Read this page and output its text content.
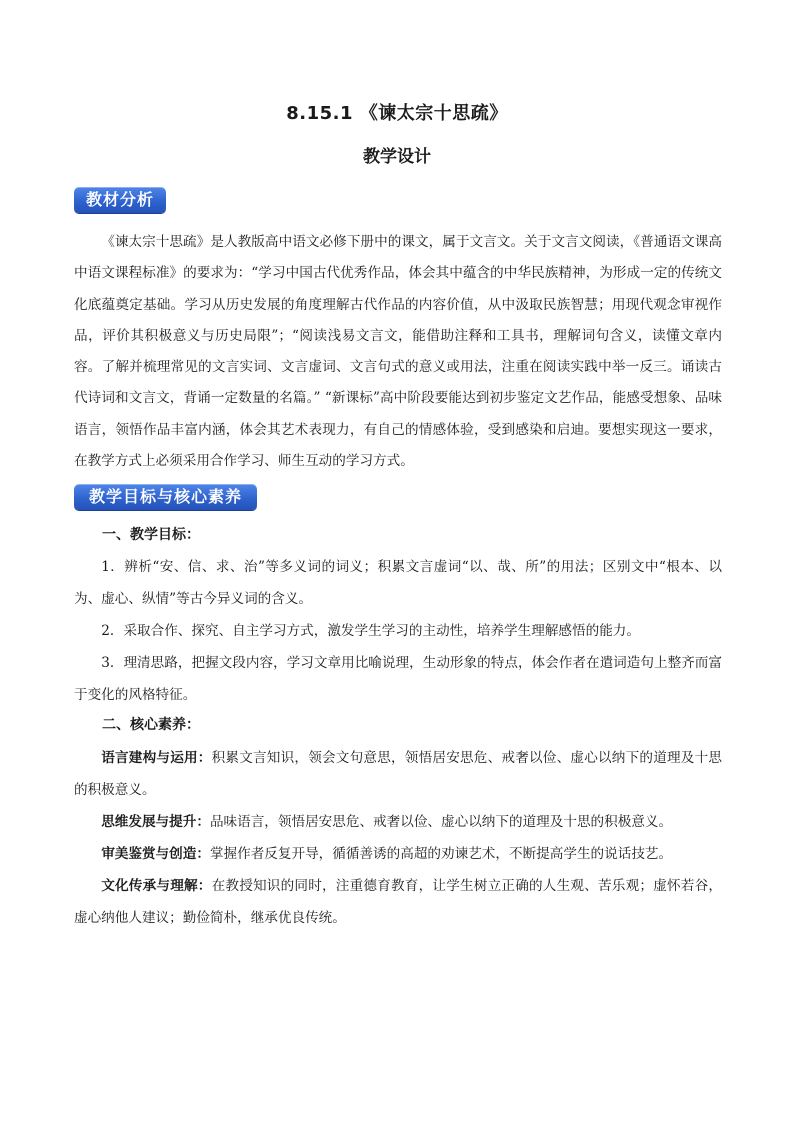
8.15.1 《谏太宗十思疏》
教学设计
教材分析

《谏太宗十思疏》是人教版高中语文必修下册中的课文，属于文言文。关于文言文阅读，《普通语文课高中语文课程标准》的要求为：“学习中国古代优秀作品，体会其中蕴含的中华民族精神，为形成一定的传统文化底蕴奠定基础。学习从历史发展的角度理解古代作品的内容价值，从中汲取民族智慧；用现代观念审视作品，评价其积极意义与历史局限”；“阅读浅易文言文，能借助注释和工具书，理解词句含义，读懂文章内容。了解并梳理常见的文言实词、文言虚词、文言句式的意义或用法，注重在阅读实践中举一反三。诵读古代诗词和文言文，背诵一定数量的名篇。” “新课标”高中阶段要能达到初步鉴定文艺作品，能感受想象、品味语言，领悟作品丰富内涵，体会其艺术表现力，有自己的情感体验，受到感染和启迪。要想实现这一要求，在教学方式上必须采用合作学习、师生互动的学习方式。

教学目标与核心素养
一、教学目标：

1．辨析“安、信、求、治”等多义词的词义；积累文言虚词“以、哉、所”的用法；区别文中“根本、以为、虚心、纵情”等古今异义词的含义。

2．采取合作、探究、自主学习方式，激发学生学习的主动性，培养学生理解感悟的能力。

3．理清思路，把握文段内容，学习文章用比喻说理，生动形象的特点，体会作者在遣词造句上整齐而富于变化的风格特征。

二、核心素养：

语言建构与运用：积累文言知识，领会文句意思，领悟居安思危、戒奢以俭、虚心以纳下的道理及十思的积极意义。

思维发展与提升：品味语言，领悟居安思危、戒奢以俭、虚心以纳下的道理及十思的积极意义。

审美鉴赏与创造：掌握作者反复开导，循循善诱的高超的劝谏艺术，不断提高学生的说话技艺。

文化传承与理解：在教授知识的同时，注重德育教育，让学生树立正确的人生观、苦乐观；虚怀若谷，虚心纳他人建议；勤俭简朴，继承优良传统。
